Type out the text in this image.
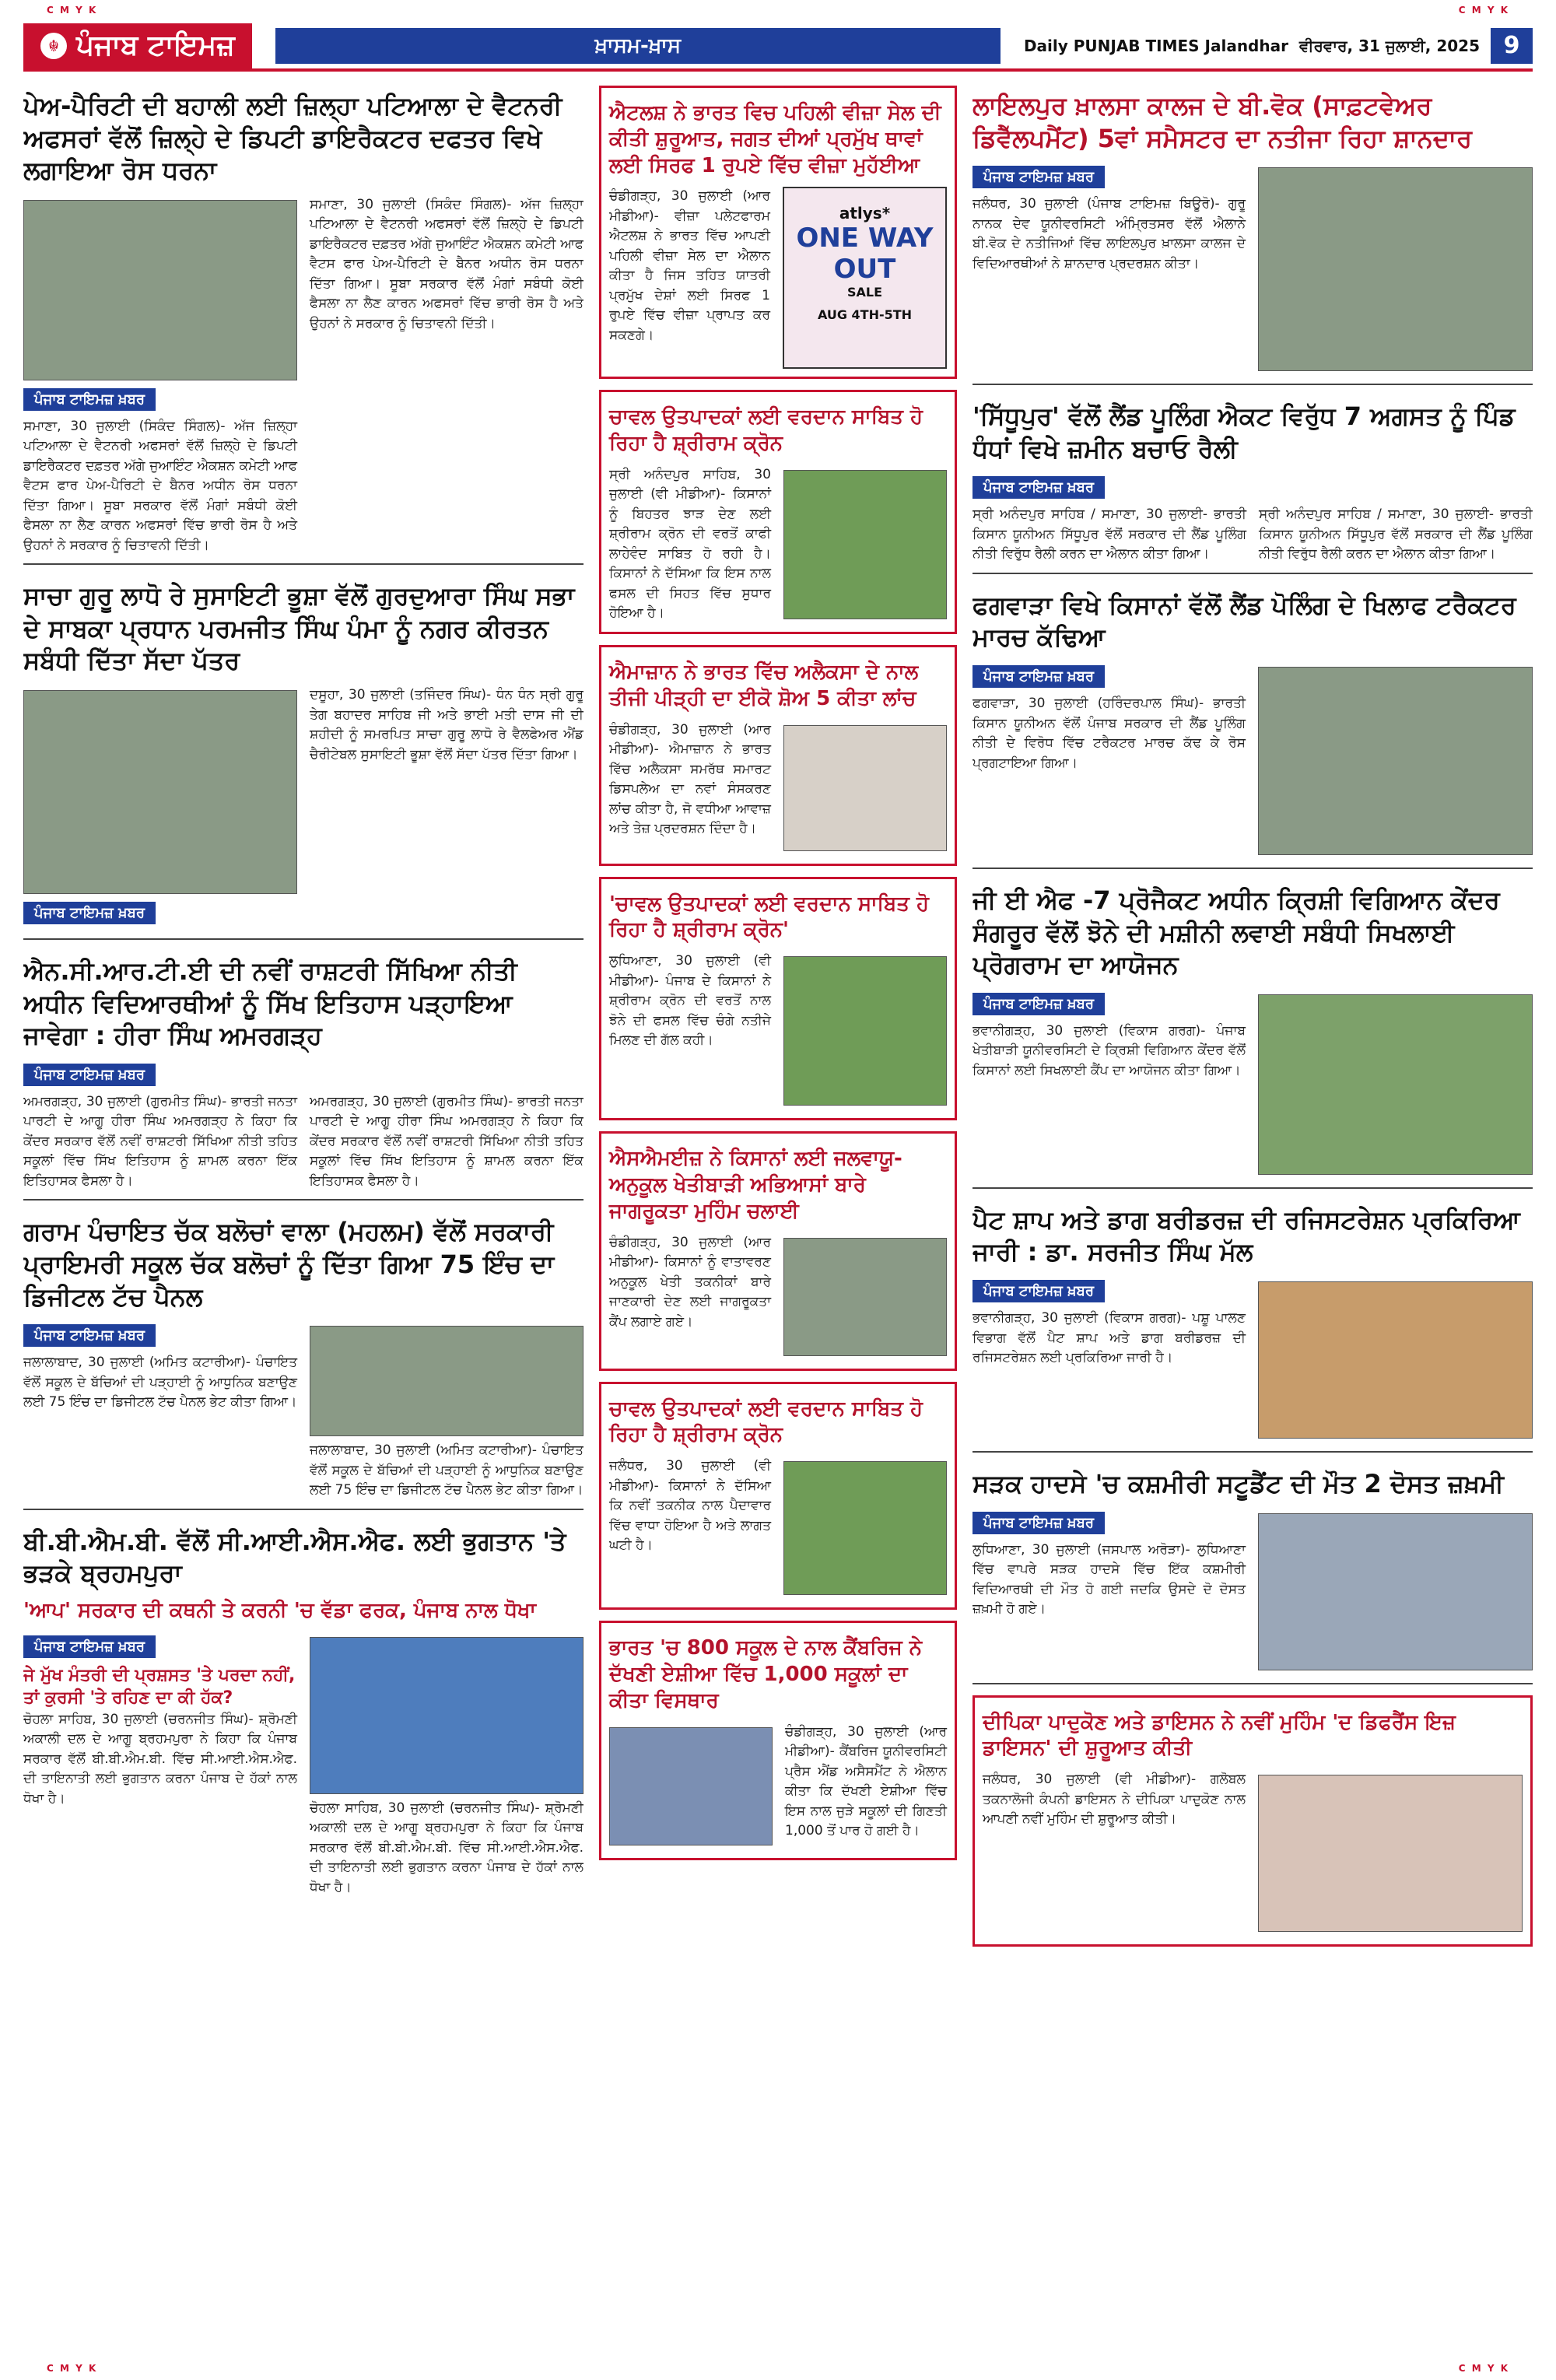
C M Y K	C M Y K
☬ ਪੰਜਾਬ ਟਾਇਮਜ਼	ਖ਼ਾਸਮ-ਖ਼ਾਸ	Daily PUNJAB TIMES Jalandhar ਵੀਰਵਾਰ, 31 ਜੁਲਾਈ, 2025	9
ਪੇਅ-ਪੈਰਿਟੀ ਦੀ ਬਹਾਲੀ ਲਈ ਜ਼ਿਲ੍ਹਾ ਪਟਿਆਲਾ ਦੇ ਵੈਟਨਰੀ ਅਫਸਰਾਂ ਵੱਲੋਂ ਜ਼ਿਲ੍ਹੇ ਦੇ ਡਿਪਟੀ ਡਾਇਰੈਕਟਰ ਦਫਤਰ ਵਿਖੇ ਲਗਾਇਆ ਰੋਸ ਧਰਨਾ
ਪੰਜਾਬ ਟਾਇਮਜ਼ ਖ਼ਬਰ
ਸਮਾਣਾ, 30 ਜੁਲਾਈ (ਸਿਕੰਦ ਸਿੰਗਲ)- ਅੱਜ ਜ਼ਿਲ੍ਹਾ ਪਟਿਆਲਾ ਦੇ ਵੈਟਨਰੀ ਅਫਸਰਾਂ ਵੱਲੋਂ ਜ਼ਿਲ੍ਹੇ ਦੇ ਡਿਪਟੀ ਡਾਇਰੈਕਟਰ ਦਫ਼ਤਰ ਅੱਗੇ ਜੁਆਇੰਟ ਐਕਸ਼ਨ ਕਮੇਟੀ ਆਫ ਵੈਟਸ ਫਾਰ ਪੇਅ-ਪੈਰਿਟੀ ਦੇ ਬੈਨਰ ਅਧੀਨ ਰੋਸ ਧਰਨਾ ਦਿੱਤਾ ਗਿਆ। ਸੂਬਾ ਸਰਕਾਰ ਵੱਲੋਂ ਮੰਗਾਂ ਸਬੰਧੀ ਕੋਈ ਫੈਸਲਾ ਨਾ ਲੈਣ ਕਾਰਨ ਅਫਸਰਾਂ ਵਿੱਚ ਭਾਰੀ ਰੋਸ ਹੈ ਅਤੇ ਉਹਨਾਂ ਨੇ ਸਰਕਾਰ ਨੂੰ ਚਿਤਾਵਨੀ ਦਿੱਤੀ।
ਸਮਾਣਾ, 30 ਜੁਲਾਈ (ਸਿਕੰਦ ਸਿੰਗਲ)- ਅੱਜ ਜ਼ਿਲ੍ਹਾ ਪਟਿਆਲਾ ਦੇ ਵੈਟਨਰੀ ਅਫਸਰਾਂ ਵੱਲੋਂ ਜ਼ਿਲ੍ਹੇ ਦੇ ਡਿਪਟੀ ਡਾਇਰੈਕਟਰ ਦਫ਼ਤਰ ਅੱਗੇ ਜੁਆਇੰਟ ਐਕਸ਼ਨ ਕਮੇਟੀ ਆਫ ਵੈਟਸ ਫਾਰ ਪੇਅ-ਪੈਰਿਟੀ ਦੇ ਬੈਨਰ ਅਧੀਨ ਰੋਸ ਧਰਨਾ ਦਿੱਤਾ ਗਿਆ। ਸੂਬਾ ਸਰਕਾਰ ਵੱਲੋਂ ਮੰਗਾਂ ਸਬੰਧੀ ਕੋਈ ਫੈਸਲਾ ਨਾ ਲੈਣ ਕਾਰਨ ਅਫਸਰਾਂ ਵਿੱਚ ਭਾਰੀ ਰੋਸ ਹੈ ਅਤੇ ਉਹਨਾਂ ਨੇ ਸਰਕਾਰ ਨੂੰ ਚਿਤਾਵਨੀ ਦਿੱਤੀ।
ਸਾਚਾ ਗੁਰੂ ਲਾਧੋ ਰੇ ਸੁਸਾਇਟੀ ਭੂਸ਼ਾ ਵੱਲੋਂ ਗੁਰਦੁਆਰਾ ਸਿੰਘ ਸਭਾ ਦੇ ਸਾਬਕਾ ਪ੍ਰਧਾਨ ਪਰਮਜੀਤ ਸਿੰਘ ਪੰਮਾ ਨੂੰ ਨਗਰ ਕੀਰਤਨ ਸਬੰਧੀ ਦਿੱਤਾ ਸੱਦਾ ਪੱਤਰ
ਪੰਜਾਬ ਟਾਇਮਜ਼ ਖ਼ਬਰ
ਦਸੂਹਾ, 30 ਜੁਲਾਈ (ਤਜਿੰਦਰ ਸਿੰਘ)- ਧੰਨ ਧੰਨ ਸ੍ਰੀ ਗੁਰੂ ਤੇਗ ਬਹਾਦਰ ਸਾਹਿਬ ਜੀ ਅਤੇ ਭਾਈ ਮਤੀ ਦਾਸ ਜੀ ਦੀ ਸ਼ਹੀਦੀ ਨੂੰ ਸਮਰਪਿਤ ਸਾਚਾ ਗੁਰੂ ਲਾਧੋ ਰੇ ਵੈਲਫੇਅਰ ਐਂਡ ਚੈਰੀਟੇਬਲ ਸੁਸਾਇਟੀ ਭੂਸ਼ਾ ਵੱਲੋਂ ਸੱਦਾ ਪੱਤਰ ਦਿੱਤਾ ਗਿਆ।
ਐਨ.ਸੀ.ਆਰ.ਟੀ.ਈ ਦੀ ਨਵੀਂ ਰਾਸ਼ਟਰੀ ਸਿੱਖਿਆ ਨੀਤੀ ਅਧੀਨ ਵਿਦਿਆਰਥੀਆਂ ਨੂੰ ਸਿੱਖ ਇਤਿਹਾਸ ਪੜ੍ਹਾਇਆ ਜਾਵੇਗਾ : ਹੀਰਾ ਸਿੰਘ ਅਮਰਗੜ੍ਹ
ਪੰਜਾਬ ਟਾਇਮਜ਼ ਖ਼ਬਰ
ਅਮਰਗੜ੍ਹ, 30 ਜੁਲਾਈ (ਗੁਰਮੀਤ ਸਿੰਘ)- ਭਾਰਤੀ ਜਨਤਾ ਪਾਰਟੀ ਦੇ ਆਗੂ ਹੀਰਾ ਸਿੰਘ ਅਮਰਗੜ੍ਹ ਨੇ ਕਿਹਾ ਕਿ ਕੇਂਦਰ ਸਰਕਾਰ ਵੱਲੋਂ ਨਵੀਂ ਰਾਸ਼ਟਰੀ ਸਿੱਖਿਆ ਨੀਤੀ ਤਹਿਤ ਸਕੂਲਾਂ ਵਿੱਚ ਸਿੱਖ ਇਤਿਹਾਸ ਨੂੰ ਸ਼ਾਮਲ ਕਰਨਾ ਇੱਕ ਇਤਿਹਾਸਕ ਫੈਸਲਾ ਹੈ।
ਅਮਰਗੜ੍ਹ, 30 ਜੁਲਾਈ (ਗੁਰਮੀਤ ਸਿੰਘ)- ਭਾਰਤੀ ਜਨਤਾ ਪਾਰਟੀ ਦੇ ਆਗੂ ਹੀਰਾ ਸਿੰਘ ਅਮਰਗੜ੍ਹ ਨੇ ਕਿਹਾ ਕਿ ਕੇਂਦਰ ਸਰਕਾਰ ਵੱਲੋਂ ਨਵੀਂ ਰਾਸ਼ਟਰੀ ਸਿੱਖਿਆ ਨੀਤੀ ਤਹਿਤ ਸਕੂਲਾਂ ਵਿੱਚ ਸਿੱਖ ਇਤਿਹਾਸ ਨੂੰ ਸ਼ਾਮਲ ਕਰਨਾ ਇੱਕ ਇਤਿਹਾਸਕ ਫੈਸਲਾ ਹੈ।
ਗਰਾਮ ਪੰਚਾਇਤ ਚੱਕ ਬਲੋਚਾਂ ਵਾਲਾ (ਮਹਲਮ) ਵੱਲੋਂ ਸਰਕਾਰੀ ਪ੍ਰਾਇਮਰੀ ਸਕੂਲ ਚੱਕ ਬਲੋਚਾਂ ਨੂੰ ਦਿੱਤਾ ਗਿਆ 75 ਇੰਚ ਦਾ ਡਿਜੀਟਲ ਟੱਚ ਪੈਨਲ
ਪੰਜਾਬ ਟਾਇਮਜ਼ ਖ਼ਬਰ
ਜਲਾਲਾਬਾਦ, 30 ਜੁਲਾਈ (ਅਮਿਤ ਕਟਾਰੀਆ)- ਪੰਚਾਇਤ ਵੱਲੋਂ ਸਕੂਲ ਦੇ ਬੱਚਿਆਂ ਦੀ ਪੜ੍ਹਾਈ ਨੂੰ ਆਧੁਨਿਕ ਬਣਾਉਣ ਲਈ 75 ਇੰਚ ਦਾ ਡਿਜੀਟਲ ਟੱਚ ਪੈਨਲ ਭੇਟ ਕੀਤਾ ਗਿਆ।
ਜਲਾਲਾਬਾਦ, 30 ਜੁਲਾਈ (ਅਮਿਤ ਕਟਾਰੀਆ)- ਪੰਚਾਇਤ ਵੱਲੋਂ ਸਕੂਲ ਦੇ ਬੱਚਿਆਂ ਦੀ ਪੜ੍ਹਾਈ ਨੂੰ ਆਧੁਨਿਕ ਬਣਾਉਣ ਲਈ 75 ਇੰਚ ਦਾ ਡਿਜੀਟਲ ਟੱਚ ਪੈਨਲ ਭੇਟ ਕੀਤਾ ਗਿਆ।
ਬੀ.ਬੀ.ਐਮ.ਬੀ. ਵੱਲੋਂ ਸੀ.ਆਈ.ਐਸ.ਐਫ. ਲਈ ਭੁਗਤਾਨ 'ਤੇ ਭੜਕੇ ਬ੍ਰਹਮਪੁਰਾ
'ਆਪ' ਸਰਕਾਰ ਦੀ ਕਥਨੀ ਤੇ ਕਰਨੀ 'ਚ ਵੱਡਾ ਫਰਕ, ਪੰਜਾਬ ਨਾਲ ਧੋਖਾ
ਪੰਜਾਬ ਟਾਇਮਜ਼ ਖ਼ਬਰ
ਜੇ ਮੁੱਖ ਮੰਤਰੀ ਦੀ ਪ੍ਰਸ਼ਸਤ 'ਤੇ ਪਰਦਾ ਨਹੀਂ, ਤਾਂ ਕੁਰਸੀ 'ਤੇ ਰਹਿਣ ਦਾ ਕੀ ਹੱਕ?
ਚੋਹਲਾ ਸਾਹਿਬ, 30 ਜੁਲਾਈ (ਚਰਨਜੀਤ ਸਿੰਘ)- ਸ਼੍ਰੋਮਣੀ ਅਕਾਲੀ ਦਲ ਦੇ ਆਗੂ ਬ੍ਰਹਮਪੁਰਾ ਨੇ ਕਿਹਾ ਕਿ ਪੰਜਾਬ ਸਰਕਾਰ ਵੱਲੋਂ ਬੀ.ਬੀ.ਐਮ.ਬੀ. ਵਿੱਚ ਸੀ.ਆਈ.ਐਸ.ਐਫ. ਦੀ ਤਾਇਨਾਤੀ ਲਈ ਭੁਗਤਾਨ ਕਰਨਾ ਪੰਜਾਬ ਦੇ ਹੱਕਾਂ ਨਾਲ ਧੋਖਾ ਹੈ।
ਚੋਹਲਾ ਸਾਹਿਬ, 30 ਜੁਲਾਈ (ਚਰਨਜੀਤ ਸਿੰਘ)- ਸ਼੍ਰੋਮਣੀ ਅਕਾਲੀ ਦਲ ਦੇ ਆਗੂ ਬ੍ਰਹਮਪੁਰਾ ਨੇ ਕਿਹਾ ਕਿ ਪੰਜਾਬ ਸਰਕਾਰ ਵੱਲੋਂ ਬੀ.ਬੀ.ਐਮ.ਬੀ. ਵਿੱਚ ਸੀ.ਆਈ.ਐਸ.ਐਫ. ਦੀ ਤਾਇਨਾਤੀ ਲਈ ਭੁਗਤਾਨ ਕਰਨਾ ਪੰਜਾਬ ਦੇ ਹੱਕਾਂ ਨਾਲ ਧੋਖਾ ਹੈ।
ਐਟਲਸ਼ ਨੇ ਭਾਰਤ ਵਿਚ ਪਹਿਲੀ ਵੀਜ਼ਾ ਸੇਲ ਦੀ ਕੀਤੀ ਸ਼ੁਰੂਆਤ, ਜਗਤ ਦੀਆਂ ਪ੍ਰਮੁੱਖ ਥਾਵਾਂ ਲਈ ਸਿਰਫ 1 ਰੁਪਏ ਵਿੱਚ ਵੀਜ਼ਾ ਮੁਹੱਈਆ
ਚੰਡੀਗੜ੍ਹ, 30 ਜੁਲਾਈ (ਆਰ ਮੀਡੀਆ)- ਵੀਜ਼ਾ ਪਲੇਟਫਾਰਮ ਐਟਲਸ਼ ਨੇ ਭਾਰਤ ਵਿੱਚ ਆਪਣੀ ਪਹਿਲੀ ਵੀਜ਼ਾ ਸੇਲ ਦਾ ਐਲਾਨ ਕੀਤਾ ਹੈ ਜਿਸ ਤਹਿਤ ਯਾਤਰੀ ਪ੍ਰਮੁੱਖ ਦੇਸ਼ਾਂ ਲਈ ਸਿਰਫ 1 ਰੁਪਏ ਵਿੱਚ ਵੀਜ਼ਾ ਪ੍ਰਾਪਤ ਕਰ ਸਕਣਗੇ।
atlys*
ONE WAY OUT
SALE
AUG 4TH-5TH
ਚਾਵਲ ਉਤਪਾਦਕਾਂ ਲਈ ਵਰਦਾਨ ਸਾਬਿਤ ਹੋ ਰਿਹਾ ਹੈ ਸ਼੍ਰੀਰਾਮ ਕ੍ਰੋਨ
ਸ੍ਰੀ ਅਨੰਦਪੁਰ ਸਾਹਿਬ, 30 ਜੁਲਾਈ (ਵੀ ਮੀਡੀਆ)- ਕਿਸਾਨਾਂ ਨੂੰ ਬਿਹਤਰ ਝਾੜ ਦੇਣ ਲਈ ਸ਼੍ਰੀਰਾਮ ਕ੍ਰੋਨ ਦੀ ਵਰਤੋਂ ਕਾਫੀ ਲਾਹੇਵੰਦ ਸਾਬਿਤ ਹੋ ਰਹੀ ਹੈ। ਕਿਸਾਨਾਂ ਨੇ ਦੱਸਿਆ ਕਿ ਇਸ ਨਾਲ ਫਸਲ ਦੀ ਸਿਹਤ ਵਿੱਚ ਸੁਧਾਰ ਹੋਇਆ ਹੈ।
ਐਮਾਜ਼ਾਨ ਨੇ ਭਾਰਤ ਵਿੱਚ ਅਲੈਕਸਾ ਦੇ ਨਾਲ ਤੀਜੀ ਪੀੜ੍ਹੀ ਦਾ ਈਕੋ ਸ਼ੋਅ 5 ਕੀਤਾ ਲਾਂਚ
ਚੰਡੀਗੜ੍ਹ, 30 ਜੁਲਾਈ (ਆਰ ਮੀਡੀਆ)- ਐਮਾਜ਼ਾਨ ਨੇ ਭਾਰਤ ਵਿੱਚ ਅਲੈਕਸਾ ਸਮਰੱਥ ਸਮਾਰਟ ਡਿਸਪਲੇਅ ਦਾ ਨਵਾਂ ਸੰਸਕਰਣ ਲਾਂਚ ਕੀਤਾ ਹੈ, ਜੋ ਵਧੀਆ ਆਵਾਜ਼ ਅਤੇ ਤੇਜ਼ ਪ੍ਰਦਰਸ਼ਨ ਦਿੰਦਾ ਹੈ।
'ਚਾਵਲ ਉਤਪਾਦਕਾਂ ਲਈ ਵਰਦਾਨ ਸਾਬਿਤ ਹੋ ਰਿਹਾ ਹੈ ਸ਼੍ਰੀਰਾਮ ਕ੍ਰੋਨ'
ਲੁਧਿਆਣਾ, 30 ਜੁਲਾਈ (ਵੀ ਮੀਡੀਆ)- ਪੰਜਾਬ ਦੇ ਕਿਸਾਨਾਂ ਨੇ ਸ਼੍ਰੀਰਾਮ ਕ੍ਰੋਨ ਦੀ ਵਰਤੋਂ ਨਾਲ ਝੋਨੇ ਦੀ ਫਸਲ ਵਿੱਚ ਚੰਗੇ ਨਤੀਜੇ ਮਿਲਣ ਦੀ ਗੱਲ ਕਹੀ।
ਐਸਐਮਈਜ਼ ਨੇ ਕਿਸਾਨਾਂ ਲਈ ਜਲਵਾਯੂ-ਅਨੁਕੂਲ ਖੇਤੀਬਾੜੀ ਅਭਿਆਸਾਂ ਬਾਰੇ ਜਾਗਰੂਕਤਾ ਮੁਹਿੰਮ ਚਲਾਈ
ਚੰਡੀਗੜ੍ਹ, 30 ਜੁਲਾਈ (ਆਰ ਮੀਡੀਆ)- ਕਿਸਾਨਾਂ ਨੂੰ ਵਾਤਾਵਰਣ ਅਨੁਕੂਲ ਖੇਤੀ ਤਕਨੀਕਾਂ ਬਾਰੇ ਜਾਣਕਾਰੀ ਦੇਣ ਲਈ ਜਾਗਰੂਕਤਾ ਕੈਂਪ ਲਗਾਏ ਗਏ।
ਚਾਵਲ ਉਤਪਾਦਕਾਂ ਲਈ ਵਰਦਾਨ ਸਾਬਿਤ ਹੋ ਰਿਹਾ ਹੈ ਸ਼੍ਰੀਰਾਮ ਕ੍ਰੋਨ
ਜਲੰਧਰ, 30 ਜੁਲਾਈ (ਵੀ ਮੀਡੀਆ)- ਕਿਸਾਨਾਂ ਨੇ ਦੱਸਿਆ ਕਿ ਨਵੀਂ ਤਕਨੀਕ ਨਾਲ ਪੈਦਾਵਾਰ ਵਿੱਚ ਵਾਧਾ ਹੋਇਆ ਹੈ ਅਤੇ ਲਾਗਤ ਘਟੀ ਹੈ।
ਭਾਰਤ 'ਚ 800 ਸਕੂਲ ਦੇ ਨਾਲ ਕੈਂਬਰਿਜ ਨੇ ਦੱਖਣੀ ਏਸ਼ੀਆ ਵਿੱਚ 1,000 ਸਕੂਲਾਂ ਦਾ ਕੀਤਾ ਵਿਸਥਾਰ
ਚੰਡੀਗੜ੍ਹ, 30 ਜੁਲਾਈ (ਆਰ ਮੀਡੀਆ)- ਕੈਂਬਰਿਜ ਯੂਨੀਵਰਸਿਟੀ ਪ੍ਰੈਸ ਐਂਡ ਅਸੈਸਮੈਂਟ ਨੇ ਐਲਾਨ ਕੀਤਾ ਕਿ ਦੱਖਣੀ ਏਸ਼ੀਆ ਵਿੱਚ ਇਸ ਨਾਲ ਜੁੜੇ ਸਕੂਲਾਂ ਦੀ ਗਿਣਤੀ 1,000 ਤੋਂ ਪਾਰ ਹੋ ਗਈ ਹੈ।
ਲਾਇਲਪੁਰ ਖ਼ਾਲਸਾ ਕਾਲਜ ਦੇ ਬੀ.ਵੋਕ (ਸਾਫ਼ਟਵੇਅਰ ਡਿਵੈੱਲਪਮੈਂਟ) 5ਵਾਂ ਸਮੈਸਟਰ ਦਾ ਨਤੀਜਾ ਰਿਹਾ ਸ਼ਾਨਦਾਰ
ਪੰਜਾਬ ਟਾਇਮਜ਼ ਖ਼ਬਰ
ਜਲੰਧਰ, 30 ਜੁਲਾਈ (ਪੰਜਾਬ ਟਾਇਮਜ਼ ਬਿਊਰੋ)- ਗੁਰੂ ਨਾਨਕ ਦੇਵ ਯੂਨੀਵਰਸਿਟੀ ਅੰਮ੍ਰਿਤਸਰ ਵੱਲੋਂ ਐਲਾਨੇ ਬੀ.ਵੋਕ ਦੇ ਨਤੀਜਿਆਂ ਵਿੱਚ ਲਾਇਲਪੁਰ ਖ਼ਾਲਸਾ ਕਾਲਜ ਦੇ ਵਿਦਿਆਰਥੀਆਂ ਨੇ ਸ਼ਾਨਦਾਰ ਪ੍ਰਦਰਸ਼ਨ ਕੀਤਾ।
'ਸਿੱਧੂਪੁਰ' ਵੱਲੋਂ ਲੈਂਡ ਪੂਲਿੰਗ ਐਕਟ ਵਿਰੁੱਧ 7 ਅਗਸਤ ਨੂੰ ਪਿੰਡ ਧੰਧਾਂ ਵਿਖੇ ਜ਼ਮੀਨ ਬਚਾਓ ਰੈਲੀ
ਪੰਜਾਬ ਟਾਇਮਜ਼ ਖ਼ਬਰ
ਸ੍ਰੀ ਅਨੰਦਪੁਰ ਸਾਹਿਬ / ਸਮਾਣਾ, 30 ਜੁਲਾਈ- ਭਾਰਤੀ ਕਿਸਾਨ ਯੂਨੀਅਨ ਸਿੱਧੂਪੁਰ ਵੱਲੋਂ ਸਰਕਾਰ ਦੀ ਲੈਂਡ ਪੂਲਿੰਗ ਨੀਤੀ ਵਿਰੁੱਧ ਰੈਲੀ ਕਰਨ ਦਾ ਐਲਾਨ ਕੀਤਾ ਗਿਆ।
ਸ੍ਰੀ ਅਨੰਦਪੁਰ ਸਾਹਿਬ / ਸਮਾਣਾ, 30 ਜੁਲਾਈ- ਭਾਰਤੀ ਕਿਸਾਨ ਯੂਨੀਅਨ ਸਿੱਧੂਪੁਰ ਵੱਲੋਂ ਸਰਕਾਰ ਦੀ ਲੈਂਡ ਪੂਲਿੰਗ ਨੀਤੀ ਵਿਰੁੱਧ ਰੈਲੀ ਕਰਨ ਦਾ ਐਲਾਨ ਕੀਤਾ ਗਿਆ।
ਫਗਵਾੜਾ ਵਿਖੇ ਕਿਸਾਨਾਂ ਵੱਲੋਂ ਲੈਂਡ ਪੋਲਿੰਗ ਦੇ ਖਿਲਾਫ ਟਰੈਕਟਰ ਮਾਰਚ ਕੱਢਿਆ
ਪੰਜਾਬ ਟਾਇਮਜ਼ ਖ਼ਬਰ
ਫਗਵਾੜਾ, 30 ਜੁਲਾਈ (ਹਰਿੰਦਰਪਾਲ ਸਿੰਘ)- ਭਾਰਤੀ ਕਿਸਾਨ ਯੂਨੀਅਨ ਵੱਲੋਂ ਪੰਜਾਬ ਸਰਕਾਰ ਦੀ ਲੈਂਡ ਪੂਲਿੰਗ ਨੀਤੀ ਦੇ ਵਿਰੋਧ ਵਿੱਚ ਟਰੈਕਟਰ ਮਾਰਚ ਕੱਢ ਕੇ ਰੋਸ ਪ੍ਰਗਟਾਇਆ ਗਿਆ।
ਜੀ ਈ ਐਫ -7 ਪ੍ਰੋਜੈਕਟ ਅਧੀਨ ਕ੍ਰਿਸ਼ੀ ਵਿਗਿਆਨ ਕੇਂਦਰ ਸੰਗਰੂਰ ਵੱਲੋਂ ਝੋਨੇ ਦੀ ਮਸ਼ੀਨੀ ਲਵਾਈ ਸਬੰਧੀ ਸਿਖਲਾਈ ਪ੍ਰੋਗਰਾਮ ਦਾ ਆਯੋਜਨ
ਪੰਜਾਬ ਟਾਇਮਜ਼ ਖ਼ਬਰ
ਭਵਾਨੀਗੜ੍ਹ, 30 ਜੁਲਾਈ (ਵਿਕਾਸ ਗਰਗ)- ਪੰਜਾਬ ਖੇਤੀਬਾੜੀ ਯੂਨੀਵਰਸਿਟੀ ਦੇ ਕ੍ਰਿਸ਼ੀ ਵਿਗਿਆਨ ਕੇਂਦਰ ਵੱਲੋਂ ਕਿਸਾਨਾਂ ਲਈ ਸਿਖਲਾਈ ਕੈਂਪ ਦਾ ਆਯੋਜਨ ਕੀਤਾ ਗਿਆ।
ਪੈਟ ਸ਼ਾਪ ਅਤੇ ਡਾਗ ਬਰੀਡਰਜ਼ ਦੀ ਰਜਿਸਟਰੇਸ਼ਨ ਪ੍ਰਕਿਰਿਆ ਜਾਰੀ : ਡਾ. ਸਰਜੀਤ ਸਿੰਘ ਮੱਲ
ਪੰਜਾਬ ਟਾਇਮਜ਼ ਖ਼ਬਰ
ਭਵਾਨੀਗੜ੍ਹ, 30 ਜੁਲਾਈ (ਵਿਕਾਸ ਗਰਗ)- ਪਸ਼ੂ ਪਾਲਣ ਵਿਭਾਗ ਵੱਲੋਂ ਪੈਟ ਸ਼ਾਪ ਅਤੇ ਡਾਗ ਬਰੀਡਰਜ਼ ਦੀ ਰਜਿਸਟਰੇਸ਼ਨ ਲਈ ਪ੍ਰਕਿਰਿਆ ਜਾਰੀ ਹੈ।
ਸੜਕ ਹਾਦਸੇ 'ਚ ਕਸ਼ਮੀਰੀ ਸਟੂਡੈਂਟ ਦੀ ਮੌਤ 2 ਦੋਸਤ ਜ਼ਖ਼ਮੀ
ਪੰਜਾਬ ਟਾਇਮਜ਼ ਖ਼ਬਰ
ਲੁਧਿਆਣਾ, 30 ਜੁਲਾਈ (ਜਸਪਾਲ ਅਰੋੜਾ)- ਲੁਧਿਆਣਾ ਵਿੱਚ ਵਾਪਰੇ ਸੜਕ ਹਾਦਸੇ ਵਿੱਚ ਇੱਕ ਕਸ਼ਮੀਰੀ ਵਿਦਿਆਰਥੀ ਦੀ ਮੌਤ ਹੋ ਗਈ ਜਦਕਿ ਉਸਦੇ ਦੋ ਦੋਸਤ ਜ਼ਖ਼ਮੀ ਹੋ ਗਏ।
ਦੀਪਿਕਾ ਪਾਦੁਕੋਣ ਅਤੇ ਡਾਇਸਨ ਨੇ ਨਵੀਂ ਮੁਹਿੰਮ 'ਦ ਡਿਫਰੈਂਸ ਇਜ਼ ਡਾਇਸਨ' ਦੀ ਸ਼ੁਰੂਆਤ ਕੀਤੀ
ਜਲੰਧਰ, 30 ਜੁਲਾਈ (ਵੀ ਮੀਡੀਆ)- ਗਲੋਬਲ ਤਕਨਾਲੋਜੀ ਕੰਪਨੀ ਡਾਇਸਨ ਨੇ ਦੀਪਿਕਾ ਪਾਦੁਕੋਣ ਨਾਲ ਆਪਣੀ ਨਵੀਂ ਮੁਹਿੰਮ ਦੀ ਸ਼ੁਰੂਆਤ ਕੀਤੀ।
C M Y K	C M Y K
